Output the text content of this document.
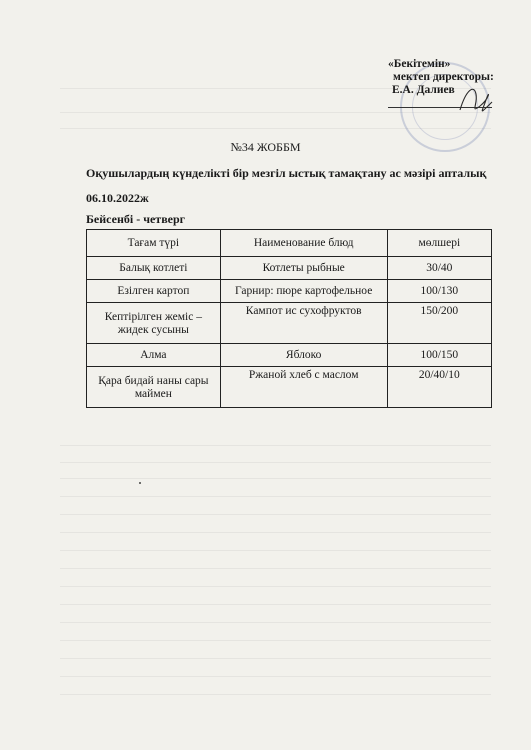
«Бекітемін»
мектеп директоры:
Е.А. Далиев
№34 ЖОББМ
Оқушылардың күнделікті бір мезгіл ыстық тамақтану ас мәзірі апталық
06.10.2022ж
Бейсенбі - четверг
Тағам түрі	Наименование блюд	мөлшері
Балық котлеті	Котлеты рыбные	30/40
Езілген картоп	Гарнир: пюре картофельное	100/130
Кептірілген жеміс – жидек сусыны	Кампот ис сухофруктов	150/200
Алма	Яблоко	100/150
Қара бидай наны сары маймен	Ржаной хлеб с маслом	20/40/10
